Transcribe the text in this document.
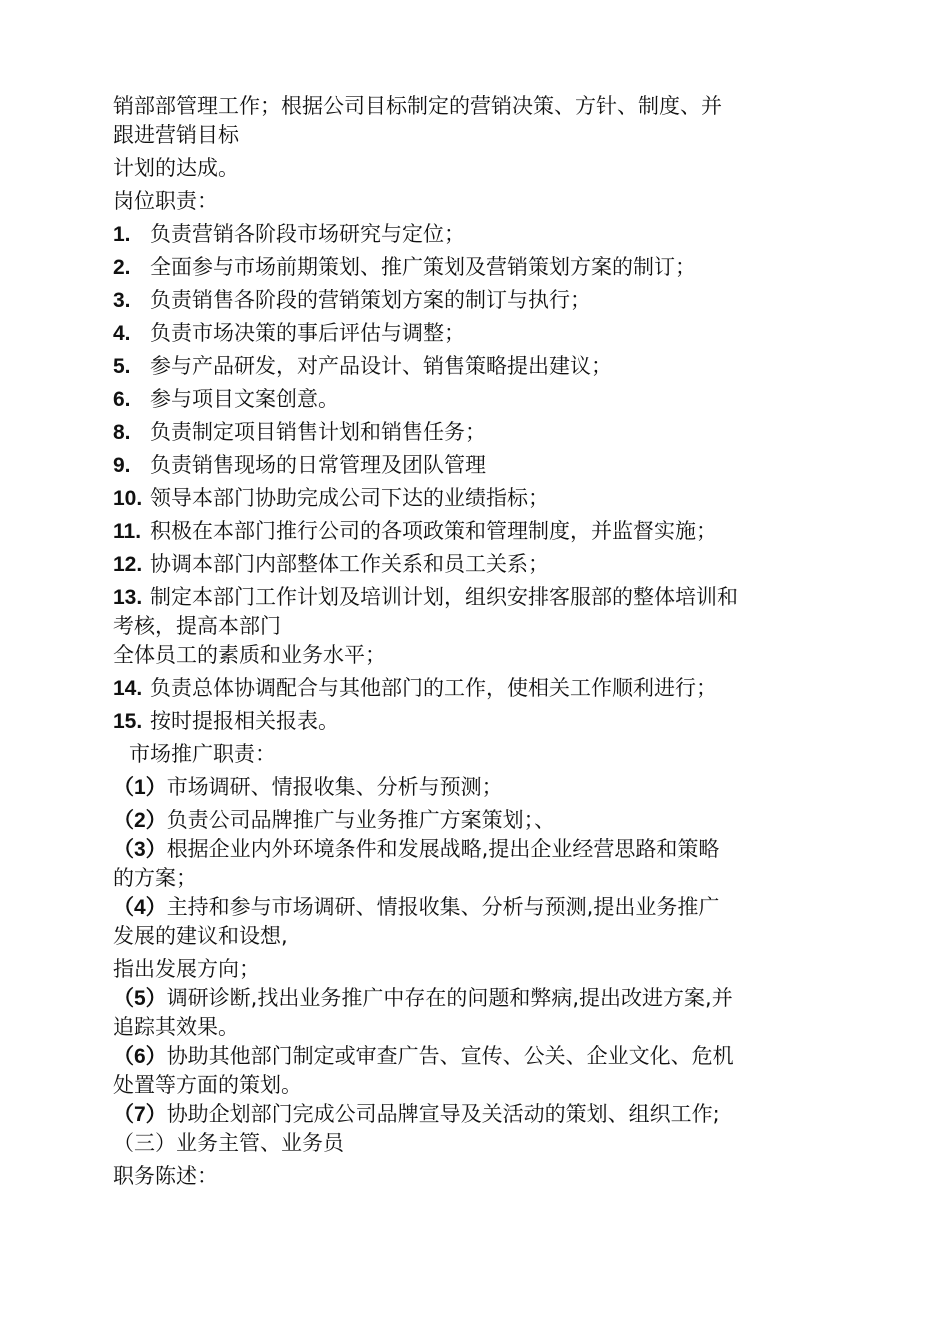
销部部管理工作；根据公司目标制定的营销决策、方针、制度、并
跟进营销目标
计划的达成。
岗位职责：
1. 负责营销各阶段市场研究与定位；
2. 全面参与市场前期策划、推广策划及营销策划方案的制订；
3. 负责销售各阶段的营销策划方案的制订与执行；
4. 负责市场决策的事后评估与调整；
5. 参与产品研发，对产品设计、销售策略提出建议；
6. 参与项目文案创意。
8. 负责制定项目销售计划和销售任务；
9. 负责销售现场的日常管理及团队管理
10. 领导本部门协助完成公司下达的业绩指标；
11. 积极在本部门推行公司的各项政策和管理制度，并监督实施；
12. 协调本部门内部整体工作关系和员工关系；
13. 制定本部门工作计划及培训计划，组织安排客服部的整体培训和
考核，提高本部门
全体员工的素质和业务水平；
14. 负责总体协调配合与其他部门的工作，使相关工作顺利进行；
15. 按时提报相关报表。
市场推广职责：
（1）市场调研、情报收集、分析与预测；
（2）负责公司品牌推广与业务推广方案策划；、
（3）根据企业内外环境条件和发展战略,提出企业经营思路和策略
的方案；
（4）主持和参与市场调研、情报收集、分析与预测,提出业务推广
发展的建议和设想,
指出发展方向；
（5）调研诊断,找出业务推广中存在的问题和弊病,提出改进方案,并
追踪其效果。
（6）协助其他部门制定或审查广告、宣传、公关、企业文化、危机
处置等方面的策划。
（7）协助企划部门完成公司品牌宣导及关活动的策划、组织工作;
（三）业务主管、业务员
职务陈述：
